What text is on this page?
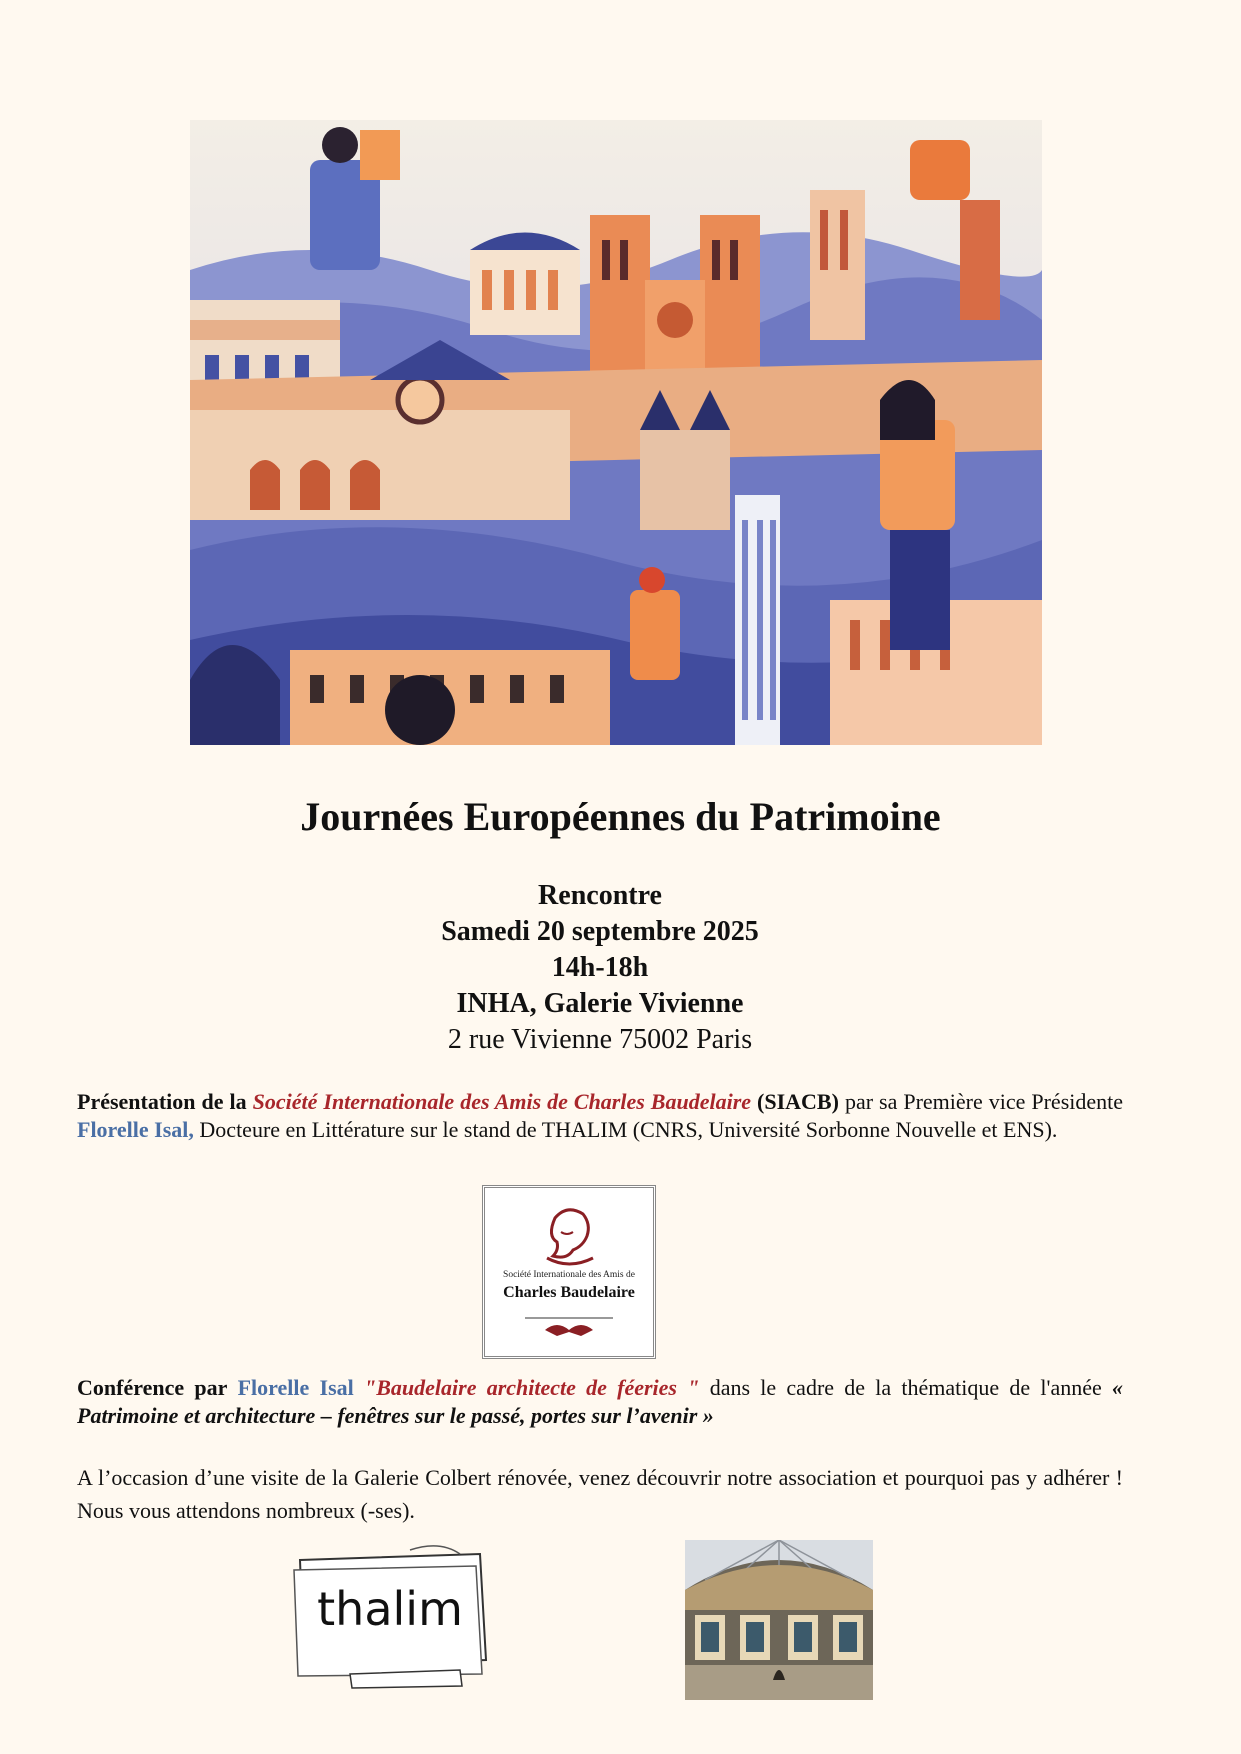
Journées Européennes du Patrimoine
Rencontre
Samedi 20 septembre 2025
14h-18h
INHA, Galerie Vivienne
2 rue Vivienne 75002 Paris

Présentation de la Société Internationale des Amis de Charles Baudelaire (SIACB) par sa Première vice Présidente Florelle Isal, Docteure en Littérature sur le stand de THALIM (CNRS, Université Sorbonne Nouvelle et ENS).

Société Internationale des Amis de
Charles Baudelaire

Conférence par Florelle Isal "Baudelaire architecte de féeries " dans le cadre de la thématique de l'année « Patrimoine et architecture – fenêtres sur le passé, portes sur l’avenir »

A l’occasion d’une visite de la Galerie Colbert rénovée, venez découvrir notre association et pourquoi pas y adhérer ! Nous vous attendons nombreux (-ses).

thalim
